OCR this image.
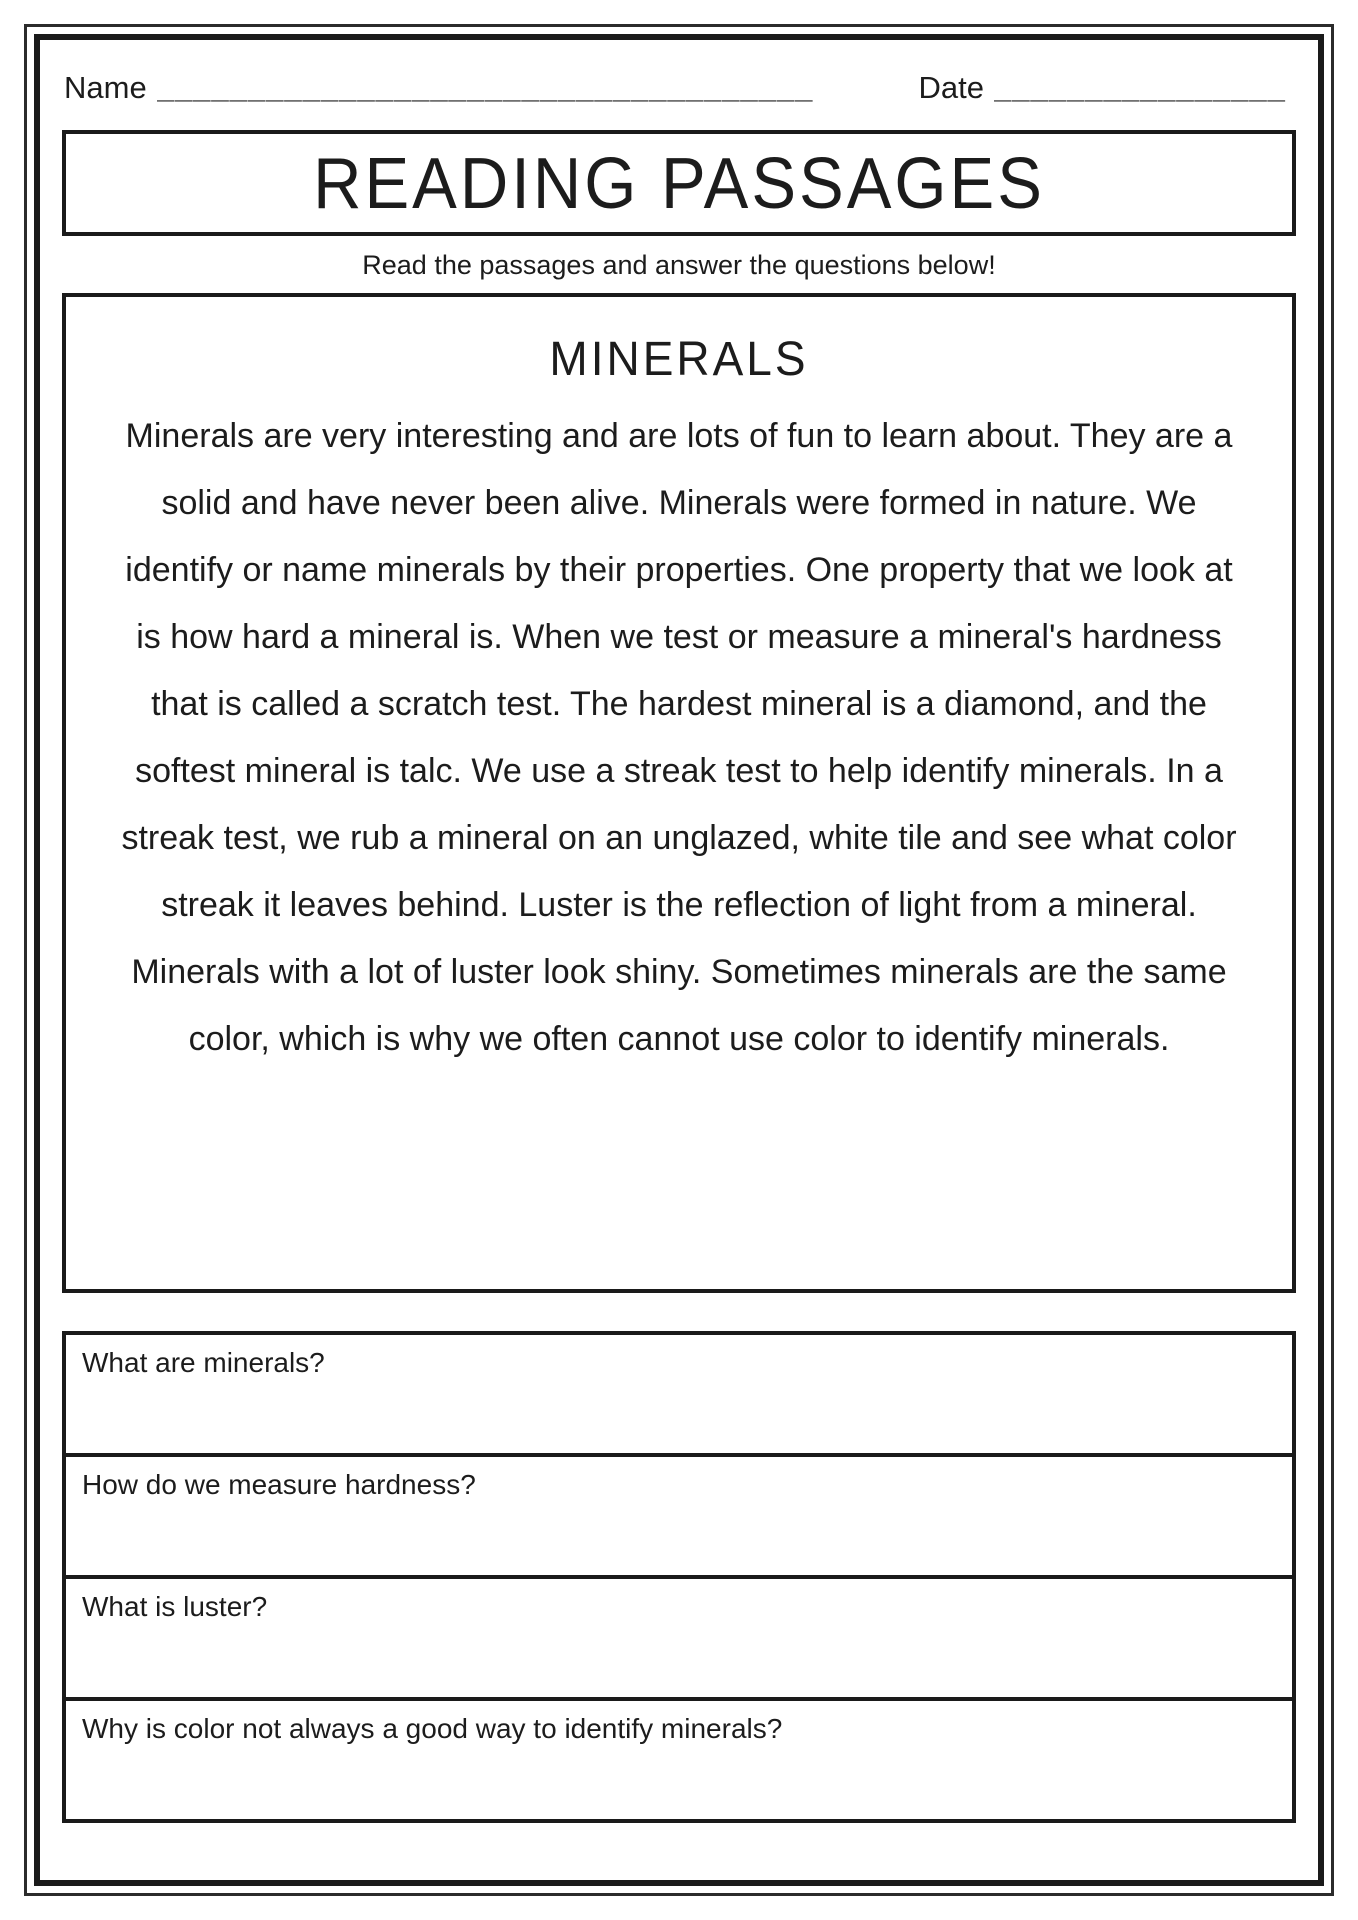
Name ____________________________________	Date ________________
READING PASSAGES

Read the passages and answer the questions below!

MINERALS

Minerals are very interesting and are lots of fun to learn about. They are a solid and have never been alive. Minerals were formed in nature. We identify or name minerals by their properties. One property that we look at is how hard a mineral is. When we test or measure a mineral's hardness that is called a scratch test. The hardest mineral is a diamond, and the softest mineral is talc. We use a streak test to help identify minerals. In a streak test, we rub a mineral on an unglazed, white tile and see what color streak it leaves behind. Luster is the reflection of light from a mineral. Minerals with a lot of luster look shiny. Sometimes minerals are the same color, which is why we often cannot use color to identify minerals.

What are minerals?

How do we measure hardness?

What is luster?

Why is color not always a good way to identify minerals?
